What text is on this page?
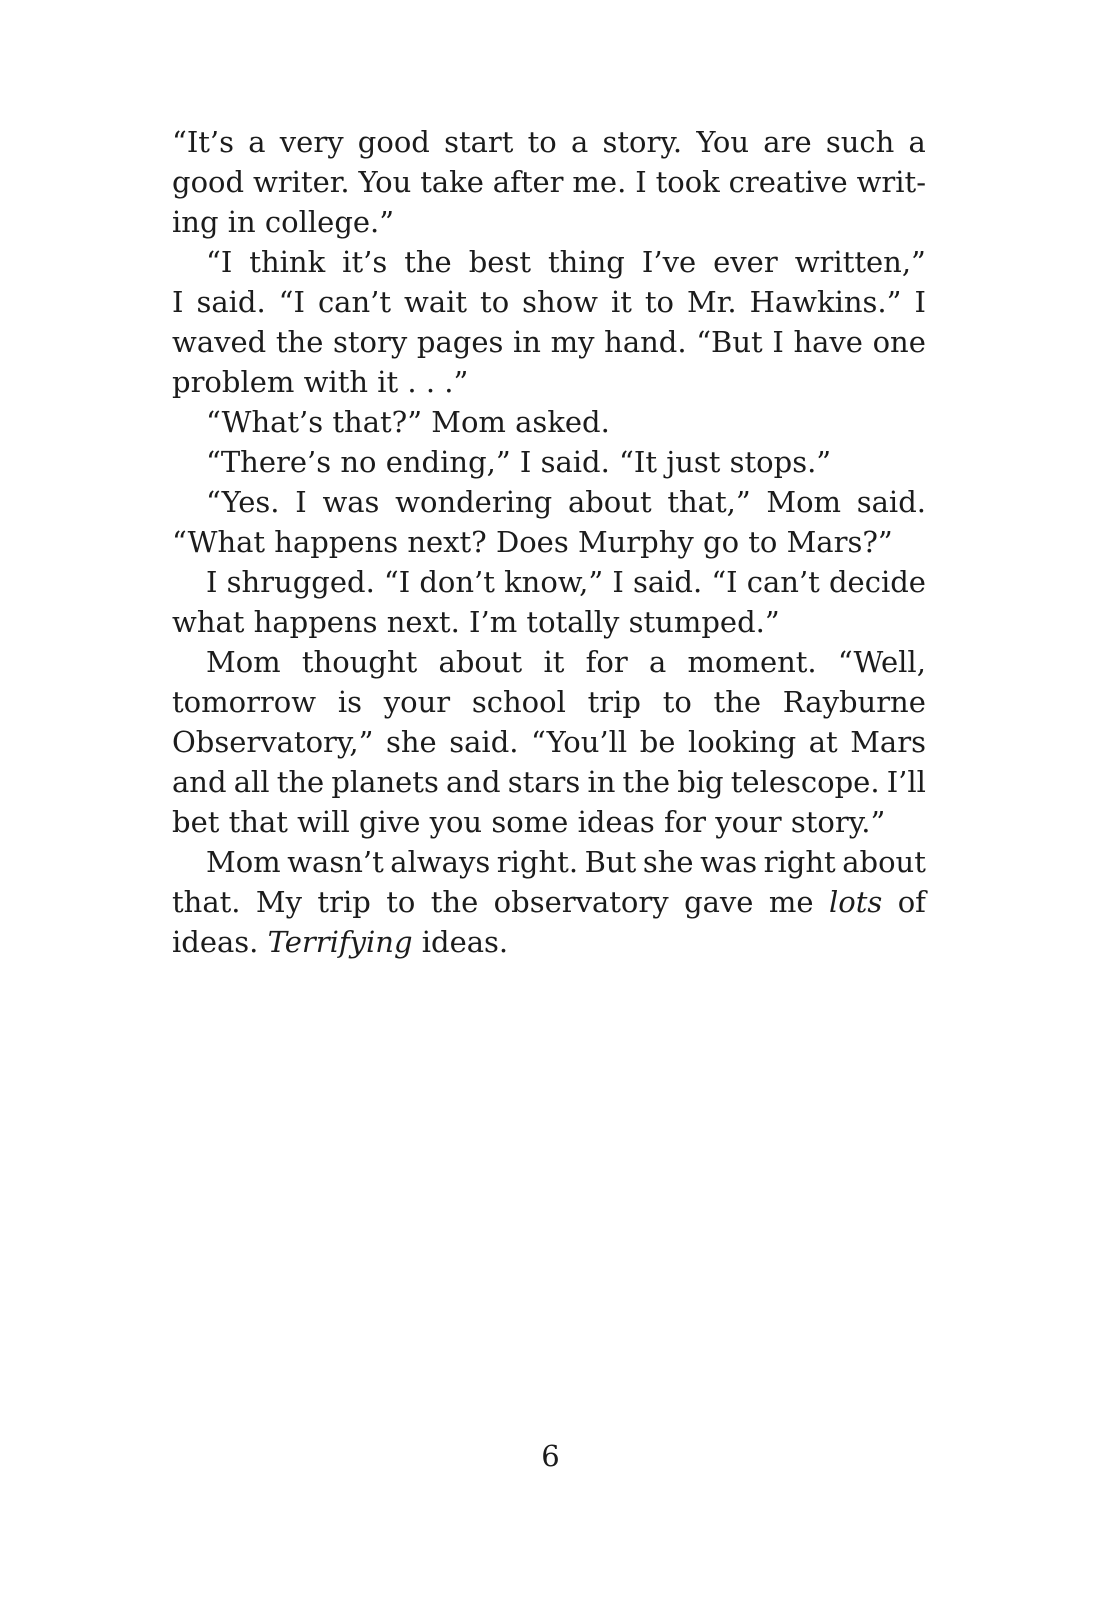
“It’s a very good start to a story. You are such a
good writer. You take after me. I took creative writ-
ing in college.”
“I think it’s the best thing I’ve ever written,”
I said. “I can’t wait to show it to Mr. Hawkins.” I
waved the story pages in my hand. “But I have one
problem with it . . .”
“What’s that?” Mom asked.
“There’s no ending,” I said. “It just stops.”
“Yes. I was wondering about that,” Mom said.
“What happens next? Does Murphy go to Mars?”
I shrugged. “I don’t know,” I said. “I can’t decide
what happens next. I’m totally stumped.”
Mom thought about it for a moment. “Well,
tomorrow is your school trip to the Rayburne
Observatory,” she said. “You’ll be looking at Mars
and all the planets and stars in the big telescope. I’ll
bet that will give you some ideas for your story.”
Mom wasn’t always right. But she was right about
that. My trip to the observatory gave me lots of
ideas. Terrifying ideas.
6
